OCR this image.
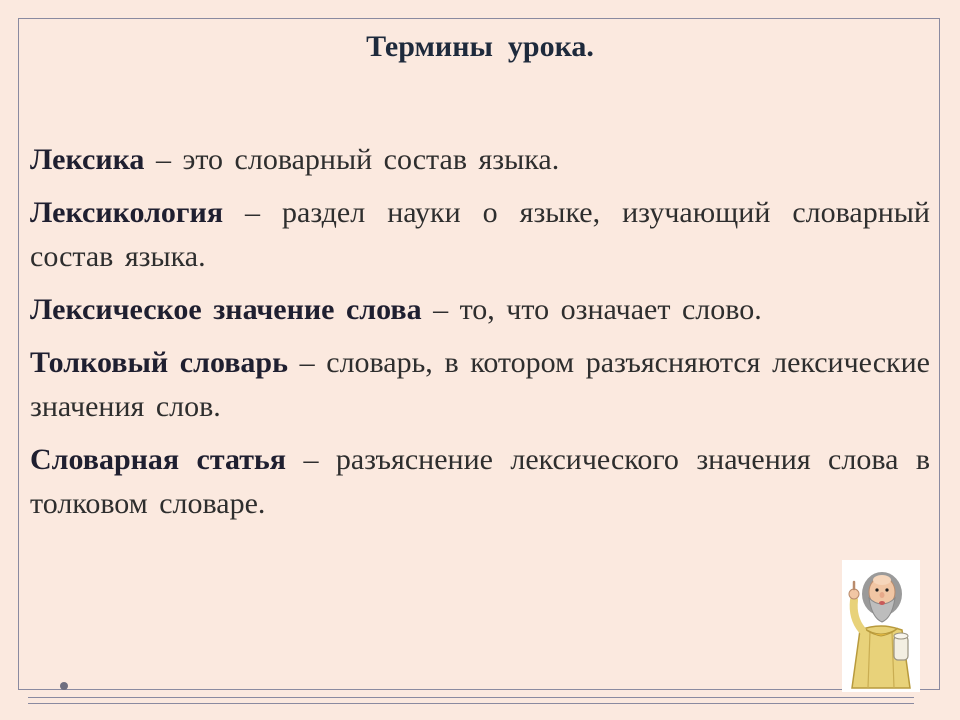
Термины  урока.

Лексика – это словарный состав языка.

Лексикология – раздел науки о языке, изучающий словарный состав языка.

Лексическое значение слова – то, что означает слово.

Толковый словарь – словарь, в котором разъясняются лексические значения слов.

Словарная статья – разъяснение лексического значения слова в толковом словаре.
